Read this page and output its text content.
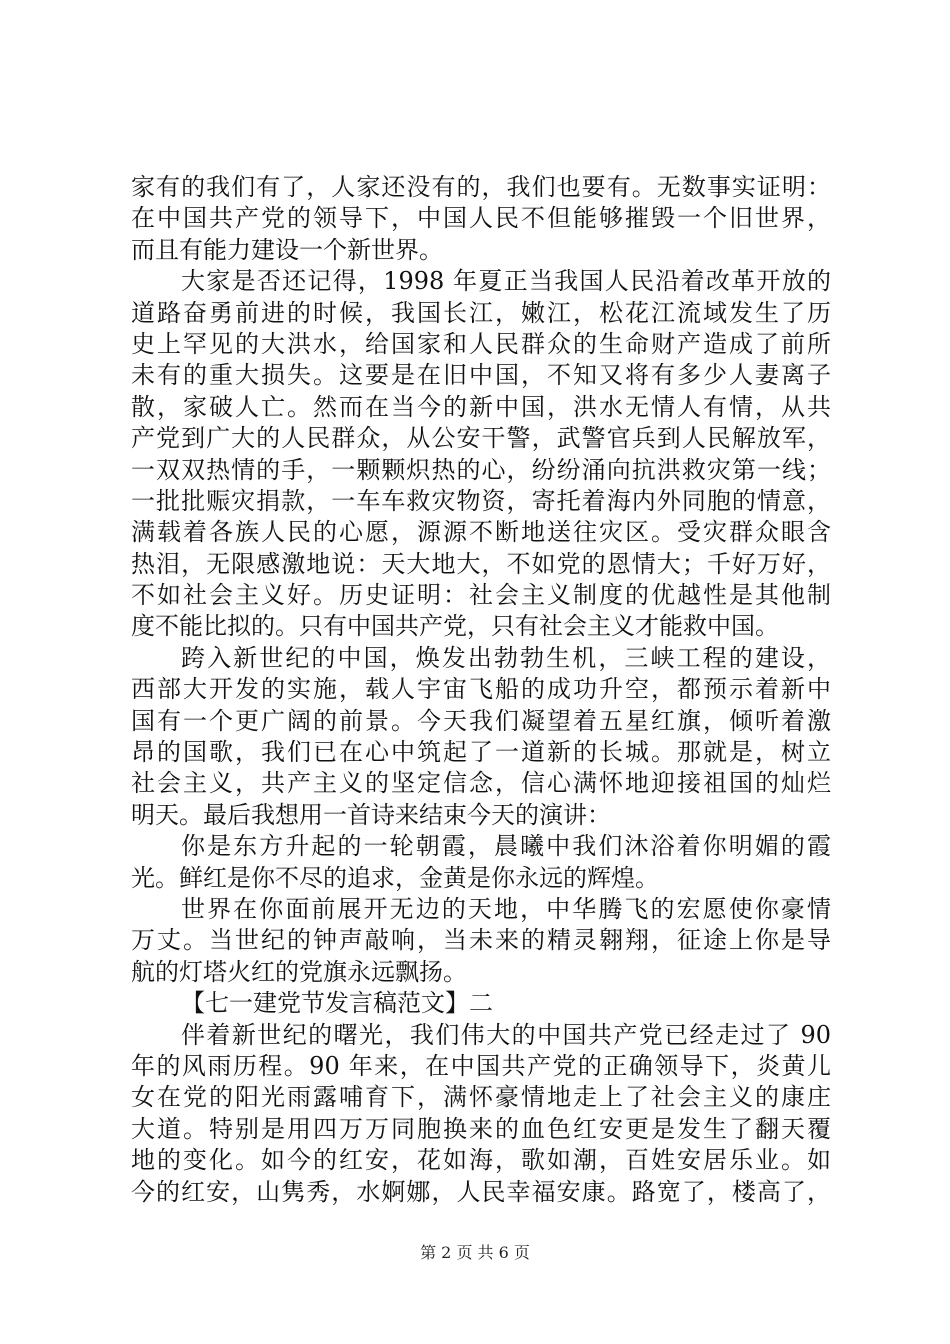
家有的我们有了，人家还没有的，我们也要有。无数事实证明：
在中国共产党的领导下，中国人民不但能够摧毁一个旧世界，
而且有能力建设一个新世界。
大家是否还记得，1998 年夏正当我国人民沿着改革开放的
道路奋勇前进的时候，我国长江，嫩江，松花江流域发生了历
史上罕见的大洪水，给国家和人民群众的生命财产造成了前所
未有的重大损失。这要是在旧中国，不知又将有多少人妻离子
散，家破人亡。然而在当今的新中国，洪水无情人有情，从共
产党到广大的人民群众，从公安干警，武警官兵到人民解放军，
一双双热情的手，一颗颗炽热的心，纷纷涌向抗洪救灾第一线；
一批批赈灾捐款，一车车救灾物资，寄托着海内外同胞的情意，
满载着各族人民的心愿，源源不断地送往灾区。受灾群众眼含
热泪，无限感激地说：天大地大，不如党的恩情大；千好万好，
不如社会主义好。历史证明：社会主义制度的优越性是其他制
度不能比拟的。只有中国共产党，只有社会主义才能救中国。
跨入新世纪的中国，焕发出勃勃生机，三峡工程的建设，
西部大开发的实施，载人宇宙飞船的成功升空，都预示着新中
国有一个更广阔的前景。今天我们凝望着五星红旗，倾听着激
昂的国歌，我们已在心中筑起了一道新的长城。那就是，树立
社会主义，共产主义的坚定信念，信心满怀地迎接祖国的灿烂
明天。最后我想用一首诗来结束今天的演讲：
你是东方升起的一轮朝霞，晨曦中我们沐浴着你明媚的霞
光。鲜红是你不尽的追求，金黄是你永远的辉煌。
世界在你面前展开无边的天地，中华腾飞的宏愿使你豪情
万丈。当世纪的钟声敲响，当未来的精灵翱翔，征途上你是导
航的灯塔火红的党旗永远飘扬。
【七一建党节发言稿范文】二
伴着新世纪的曙光，我们伟大的中国共产党已经走过了 90
年的风雨历程。90 年来，在中国共产党的正确领导下，炎黄儿
女在党的阳光雨露哺育下，满怀豪情地走上了社会主义的康庄
大道。特别是用四万万同胞换来的血色红安更是发生了翻天覆
地的变化。如今的红安，花如海，歌如潮，百姓安居乐业。如
今的红安，山隽秀，水婀娜，人民幸福安康。路宽了，楼高了，
第 2 页 共 6 页
